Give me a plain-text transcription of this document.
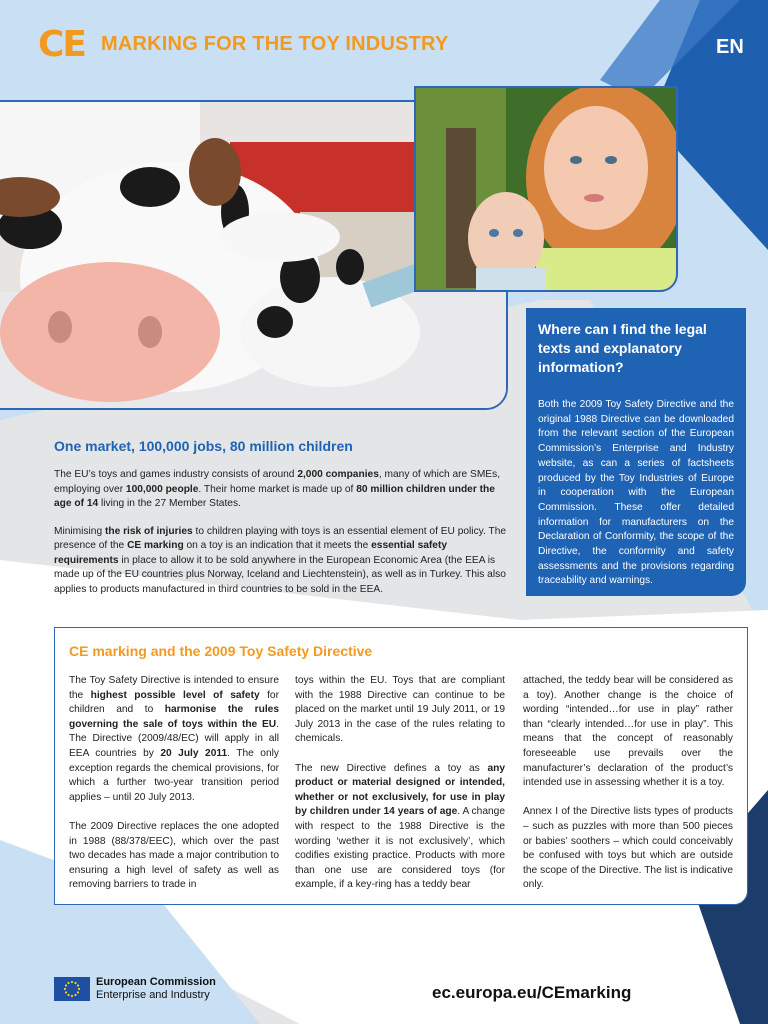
CE MARKING FOR THE TOY INDUSTRY	EN
Where can I find the legal texts and explanatory information?

Both the 2009 Toy Safety Directive and the original 1988 Directive can be downloaded from the relevant section of the European Commission’s Enterprise and Industry website, as can a series of factsheets produced by the Toy Industries of Europe in cooperation with the European Commission. These offer detailed information for manufacturers on the Declaration of Conformity, the scope of the Directive, the conformity and safety assessments and the provisions regarding traceability and warnings.

One market, 100,000 jobs, 80 million children

The EU’s toys and games industry consists of around 2,000 companies, many of which are SMEs, employing over 100,000 people. Their home market is made up of 80 million children under the age of 14 living in the 27 Member States.

Minimising the risk of injuries to children playing with toys is an essential element of EU policy. The presence of the CE marking on a toy is an indication that it meets the essential safety requirements in place to allow it to be sold anywhere in the European Economic Area (the EEA is made up of the EU countries plus Norway, Iceland and Liechtenstein), as well as in Turkey. This also applies to products manufactured in third countries to be sold in the EEA.

CE marking and the 2009 Toy Safety Directive

The Toy Safety Directive is intended to ensure the highest possible level of safety for children and to harmonise the rules governing the sale of toys within the EU. The Directive (2009/48/EC) will apply in all EEA countries by 20 July 2011. The only exception regards the chemical provisions, for which a further two-year transition period applies – until 20 July 2013.

The 2009 Directive replaces the one adopted in 1988 (88/378/EEC), which over the past two decades has made a major contribution to ensuring a high level of safety as well as removing barriers to trade in

toys within the EU. Toys that are compliant with the 1988 Directive can continue to be placed on the market until 19 July 2011, or 19 July 2013 in the case of the rules relating to chemicals.

The new Directive defines a toy as any product or material designed or intended, whether or not exclusively, for use in play by children under 14 years of age. A change with respect to the 1988 Directive is the wording ‘wether it is not exclusively’, which codifies existing practice. Products with more than one use are considered toys (for example, if a key-ring has a teddy bear

attached, the teddy bear will be considered as a toy). Another change is the choice of wording “intended…for use in play” rather than “clearly intended…for use in play”. This means that the concept of reasonably foreseeable use prevails over the manufacturer’s declaration of the product’s intended use in assessing whether it is a toy.

Annex I of the Directive lists types of products – such as puzzles with more than 500 pieces or babies’ soothers – which could conceivably be confused with toys but which are outside the scope of the Directive. The list is indicative only.

European Commission
Enterprise and Industry	ec.europa.eu/CEmarking
